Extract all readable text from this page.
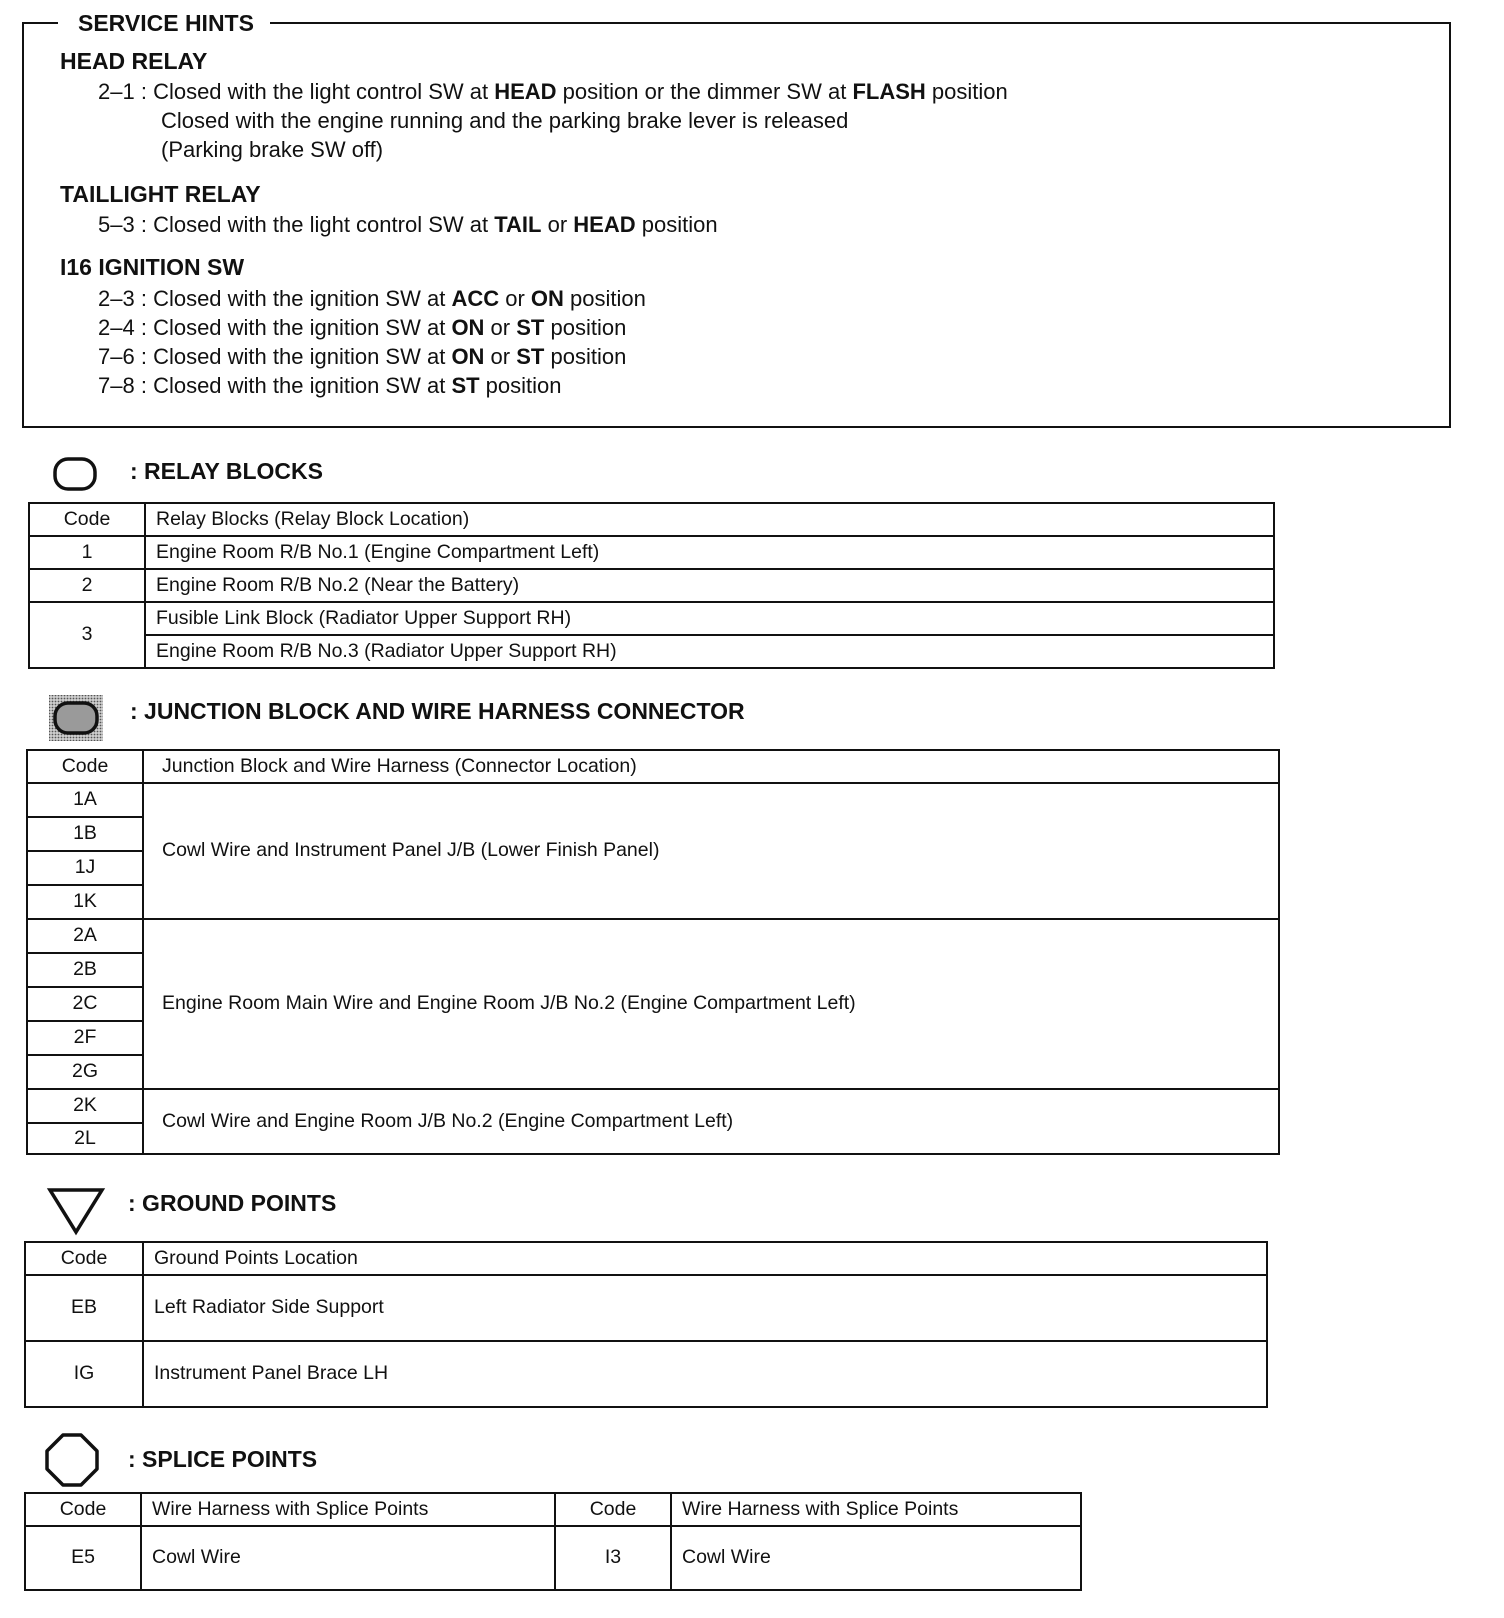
SERVICE HINTS
HEAD RELAY
2–1 : Closed with the light control SW at HEAD position or the dimmer SW at FLASH position
Closed with the engine running and the parking brake lever is released
(Parking brake SW off)
TAILLIGHT RELAY
5–3 : Closed with the light control SW at TAIL or HEAD position
I16 IGNITION SW
2–3 : Closed with the ignition SW at ACC or ON position
2–4 : Closed with the ignition SW at ON or ST position
7–6 : Closed with the ignition SW at ON or ST position
7–8 : Closed with the ignition SW at ST position
: RELAY BLOCKS
Code	Relay Blocks (Relay Block Location)
1	Engine Room R/B No.1 (Engine Compartment Left)
2	Engine Room R/B No.2 (Near the Battery)
3	Fusible Link Block (Radiator Upper Support RH)
	Engine Room R/B No.3 (Radiator Upper Support RH)
: JUNCTION BLOCK AND WIRE HARNESS CONNECTOR
Code	Junction Block and Wire Harness (Connector Location)
1A	Cowl Wire and Instrument Panel J/B (Lower Finish Panel)
1B	
1J	
1K	
2A	Engine Room Main Wire and Engine Room J/B No.2 (Engine Compartment Left)
2B	
2C	
2F	
2G	
2K	Cowl Wire and Engine Room J/B No.2 (Engine Compartment Left)
2L	
: GROUND POINTS
Code	Ground Points Location
EB	Left Radiator Side Support
IG	Instrument Panel Brace LH
: SPLICE POINTS
Code	Wire Harness with Splice Points	Code	Wire Harness with Splice Points
E5	Cowl Wire	I3	Cowl Wire
